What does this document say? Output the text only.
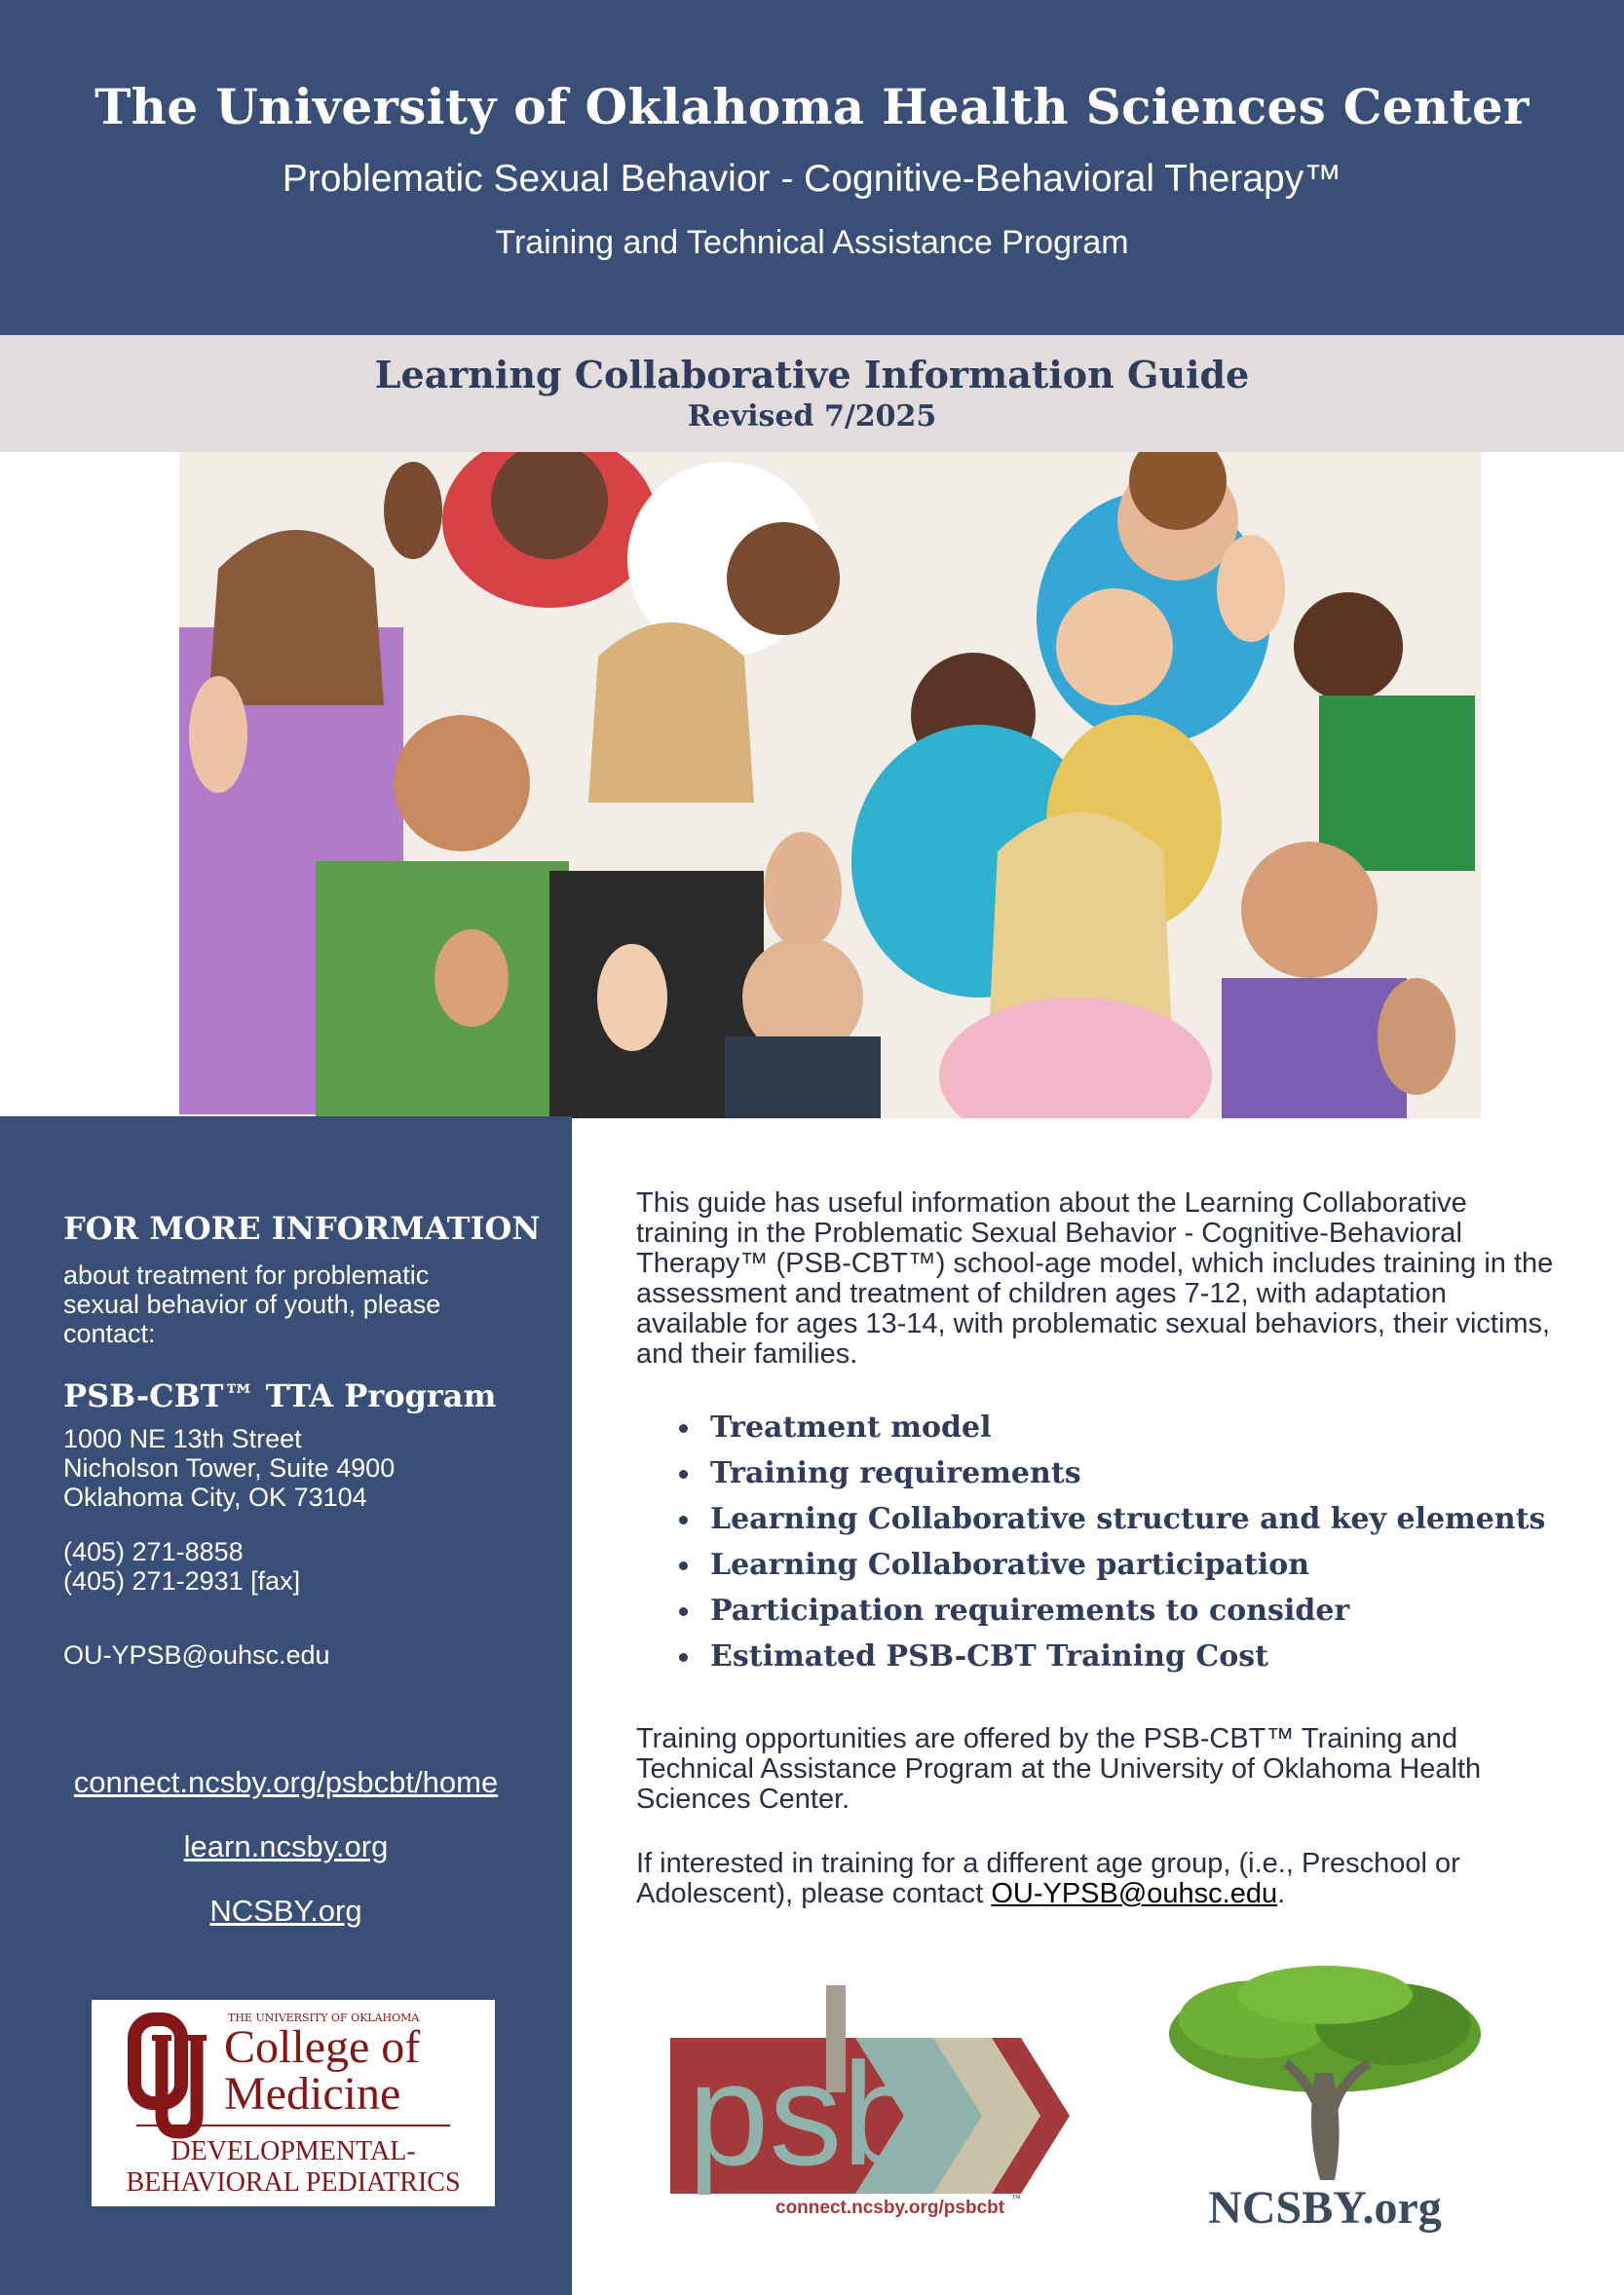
The University of Oklahoma Health Sciences Center
Problematic Sexual Behavior - Cognitive-Behavioral Therapy™
Training and Technical Assistance Program
Learning Collaborative Information Guide
Revised 7/2025
FOR MORE INFORMATION
about treatment for problematic sexual behavior of youth, please contact:
PSB-CBT™ TTA Program
1000 NE 13th Street
Nicholson Tower, Suite 4900
Oklahoma City, OK 73104
(405) 271-8858
(405) 271-2931 [fax]
OU-YPSB@ouhsc.edu
connect.ncsby.org/psbcbt/home
learn.ncsby.org
NCSBY.org
THE UNIVERSITY OF OKLAHOMA
College of
Medicine
DEVELOPMENTAL-
BEHAVIORAL PEDIATRICS
This guide has useful information about the Learning Collaborative training in the Problematic Sexual Behavior - Cognitive-Behavioral Therapy™ (PSB-CBT™) school-age model, which includes training in the assessment and treatment of children ages 7-12, with adaptation available for ages 13-14, with problematic sexual behaviors, their victims, and their families.
Treatment model
Training requirements
Learning Collaborative structure and key elements
Learning Collaborative participation
Participation requirements to consider
Estimated PSB-CBT Training Cost
Training opportunities are offered by the PSB-CBT™ Training and Technical Assistance Program at the University of Oklahoma Health Sciences Center.
If interested in training for a different age group, (i.e., Preschool or Adolescent), please contact OU-YPSB@ouhsc.edu.
psb
connect.ncsby.org/psbcbt ™	NCSBY.org
